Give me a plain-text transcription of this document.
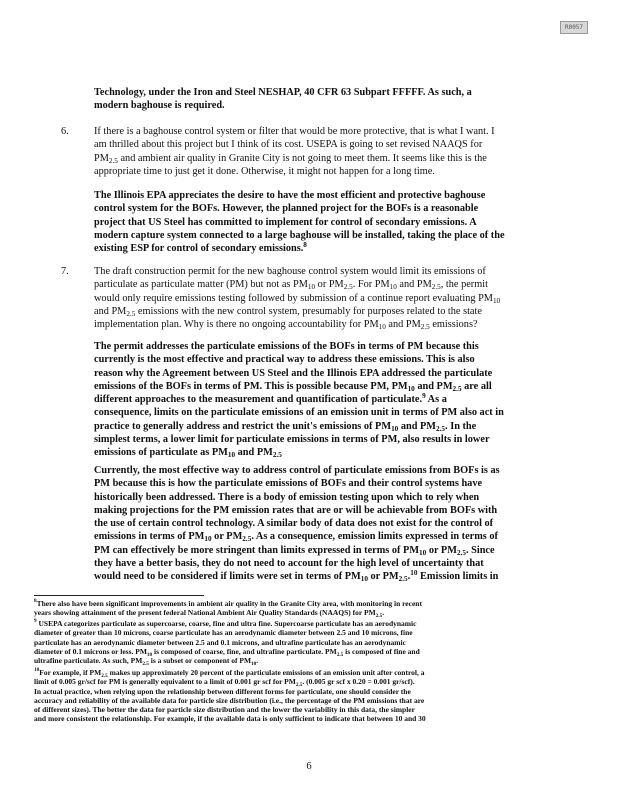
R0057
Technology, under the Iron and Steel NESHAP, 40 CFR 63 Subpart FFFFF. As such, a
modern baghouse is required.
6. If there is a baghouse control system or filter that would be more protective, that is what I want. I
am thrilled about this project but I think of its cost. USEPA is going to set revised NAAQS for
$PM_{2.5}$ and ambient air quality in Granite City is not going to meet them. It seems like this is the
appropriate time to just get it done. Otherwise, it might not happen for a long time.
The Illinois EPA appreciates the desire to have the most efficient and protective baghouse
control system for the BOFs. However, the planned project for the BOFs is a reasonable
project that US Steel has committed to implement for control of secondary emissions. A
modern capture system connected to a large baghouse will be installed, taking the place of the
existing ESP for control of secondary emissions.$^8$
7. The draft construction permit for the new baghouse control system would limit its emissions of
particulate as particulate matter (PM) but not as $PM_{10}$ or $PM_{2.5}$. For $PM_{10}$ and $PM_{2.5}$, the permit
would only require emissions testing followed by submission of a continue report evaluating $PM_{10}$
and $PM_{2.5}$ emissions with the new control system, presumably for purposes related to the state
implementation plan. Why is there no ongoing accountability for $PM_{10}$ and $PM_{2.5}$ emissions?
The permit addresses the particulate emissions of the BOFs in terms of PM because this
currently is the most effective and practical way to address these emissions. This is also
reason why the Agreement between US Steel and the Illinois EPA addressed the particulate
emissions of the BOFs in terms of PM. This is possible because PM, $PM_{10}$ and $PM_{2.5}$ are all
different approaches to the measurement and quantification of particulate.$^9$ As a
consequence, limits on the particulate emissions of an emission unit in terms of PM also act in
practice to generally address and restrict the unit's emissions of $PM_{10}$ and $PM_{2.5}$. In the
simplest terms, a lower limit for particulate emissions in terms of PM, also results in lower
emissions of particulate as $PM_{10}$ and $PM_{2.5}$
Currently, the most effective way to address control of particulate emissions from BOFs is as
PM because this is how the particulate emissions of BOFs and their control systems have
historically been addressed. There is a body of emission testing upon which to rely when
making projections for the PM emission rates that are or will be achievable from BOFs with
the use of certain control technology. A similar body of data does not exist for the control of
emissions in terms of $PM_{10}$ or $PM_{2.5}$. As a consequence, emission limits expressed in terms of
PM can effectively be more stringent than limits expressed in terms of $PM_{10}$ or $PM_{2.5}$. Since
they have a better basis, they do not need to account for the high level of uncertainty that
would need to be considered if limits were set in terms of $PM_{10}$ or $PM_{2.5}.^{10}$ Emission limits in
$^8$There also have been significant improvements in ambient air quality in the Granite City area, with monitoring in recent
years showing attainment of the present federal National Ambient Air Quality Standards (NAAQS) for $PM_{2.5}$.
$^9$ USEPA categorizes particulate as supercoarse, coarse, fine and ultra fine. Supercoarse particulate has an aerodynamic
diameter of greater than 10 microns, coarse particulate has an aerodynamic diameter between 2.5 and 10 microns, fine
particulate has an aerodynamic diameter between 2.5 and 0.1 microns, and ultrafine particulate has an aerodynamic
diameter of 0.1 microns or less. $PM_{10}$ is composed of coarse, fine, and ultrafine particulate. $PM_{2.5}$ is composed of fine and
ultrafine particulate. As such, $PM_{2.5}$ is a subset or component of $PM_{10}$.
$^{10}$For example, if $PM_{2.5}$ makes up approximately 20 percent of the particulate emissions of an emission unit after control, a
limit of 0.005 gr/scf for PM is generally equivalent to a limit of 0.001 gr scf for $PM_{2.5}$. (0.005 gr scf x 0.20 = 0.001 gr/scf).
In actual practice, when relying upon the relationship between different forms for particulate, one should consider the
accuracy and reliability of the available data for particle size distribution (i.e., the percentage of the PM emissions that are
of different sizes). The better the data for particle size distribution and the lower the variability in this data, the simpler
and more consistent the relationship. For example, if the available data is only sufficient to indicate that between 10 and 30
6
